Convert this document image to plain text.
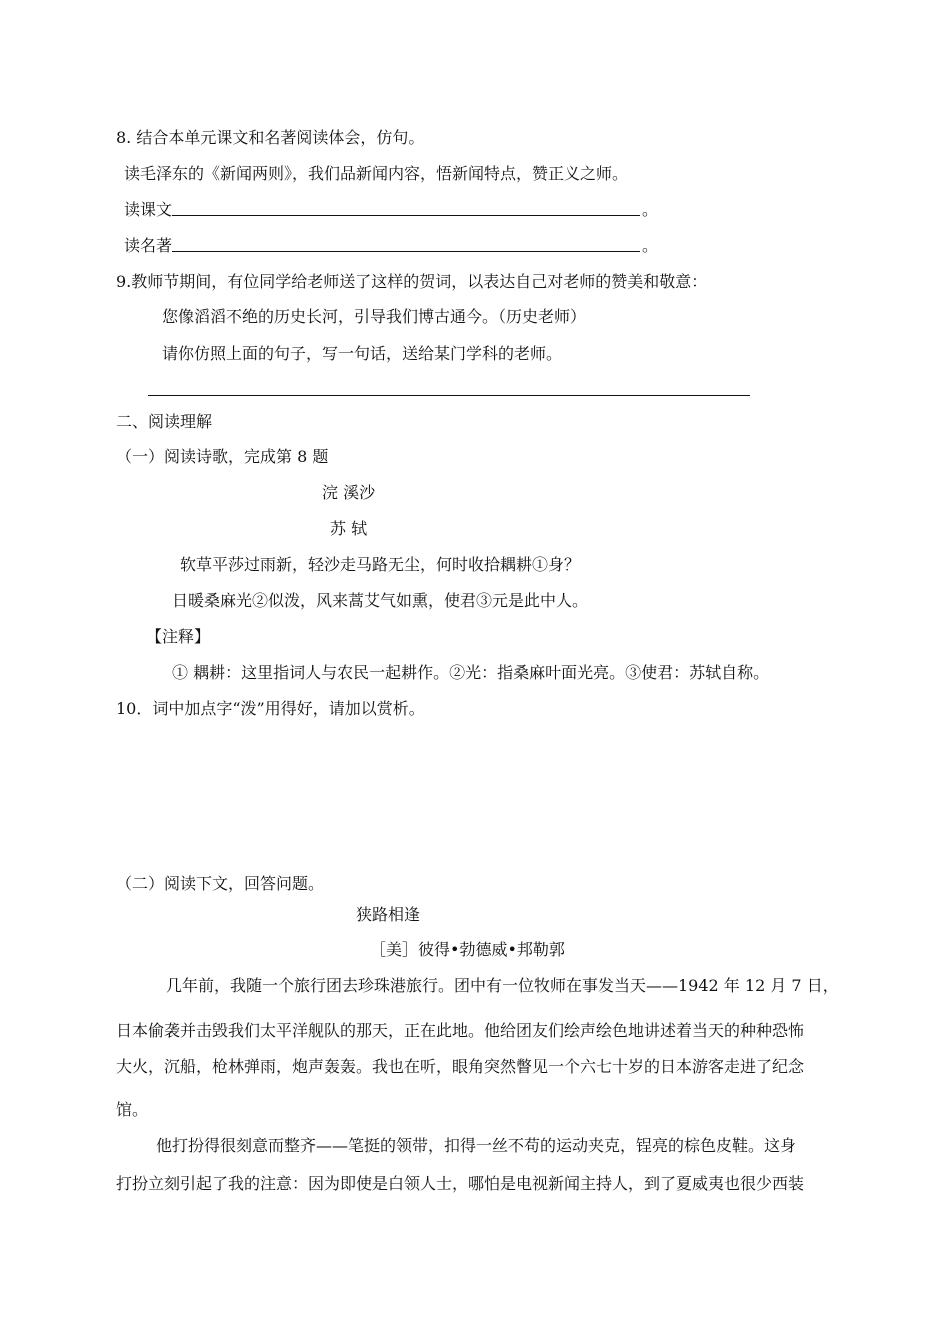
8. 结合本单元课文和名著阅读体会，仿句。
读毛泽东的《新闻两则》，我们品新闻内容，悟新闻特点，赞正义之师。
读课文	。
读名著	。
9.教师节期间，有位同学给老师送了这样的贺词，以表达自己对老师的赞美和敬意：
您像滔滔不绝的历史长河，引导我们博古通今。（历史老师）
请你仿照上面的句子，写一句话，送给某门学科的老师。
二、阅读理解
（一）阅读诗歌，完成第 8 题
浣 溪沙
苏 轼
软草平莎过雨新，轻沙走马路无尘，何时收拾耦耕①身？
日暖桑麻光②似泼，风来蒿艾气如熏，使君③元是此中人。
【注释】
① 耦耕：这里指词人与农民一起耕作。②光：指桑麻叶面光亮。③使君：苏轼自称。
10．词中加点字“泼”用得好，请加以赏析。
（二）阅读下文，回答问题。
狭路相逢
［美］彼得•勃德威•邦勒郭
几年前，我随一个旅行团去珍珠港旅行。团中有一位牧师在事发当天——1942 年 12 月 7 日，
日本偷袭并击毁我们太平洋舰队的那天，正在此地。他给团友们绘声绘色地讲述着当天的种种恐怖
大火，沉船，枪林弹雨，炮声轰轰。我也在听，眼角突然瞥见一个六七十岁的日本游客走进了纪念
馆。
他打扮得很刻意而整齐——笔挺的领带，扣得一丝不苟的运动夹克，锃亮的棕色皮鞋。这身
打扮立刻引起了我的注意：因为即使是白领人士，哪怕是电视新闻主持人，到了夏威夷也很少西装
